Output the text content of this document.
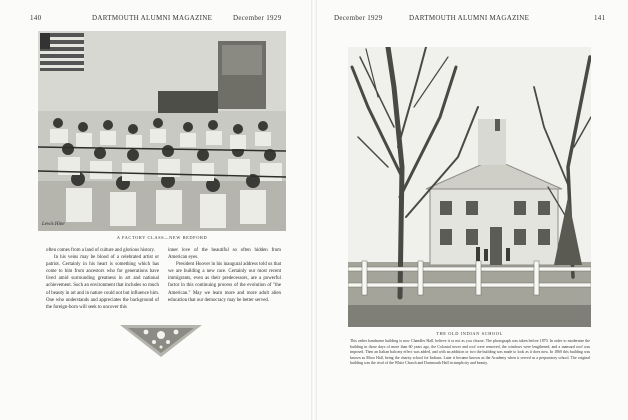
140	DARTMOUTH ALUMNI MAGAZINE	December 1929
Lewis Hine
A FACTORY CLASS—NEW BEDFORD

often comes from a land of culture and glorious history.

In his veins may be blood of a celebrated artist or patriot. Certainly in his heart is something which has come to him from ancestors who for generations have lived amid surrounding greatness in art and national achievement. Such an environment that includes so much of beauty in art and in nature could not but influence him. One who understands and appreciates the background of the foreign-born will seek to uncover this

inner love of the beautiful so often hidden from American eyes.

President Hoover in his inaugural address told us that we are building a new race. Certainly our most recent immigrants, even as their predecessors, are a powerful factor in this continuing process of the evolution of "the American." May we learn more and more adult alien education that our democracy may be better served.

December 1929	DARTMOUTH ALUMNI MAGAZINE	141
THE OLD INDIAN SCHOOL
This rather handsome building is now Chandler Hall, believe it or not as you choose. The photograph was taken before 1870. In order to modernize the building in those days of more than 60 years ago, the Colonial tower and roof were removed, the windows were lengthened, and a mansard roof was imposed. Then an Italian balcony effect was added, and with an addition or two the building was made to look as it does now. In 1860 this building was known as Moor Hall, being the charity school for Indians. Later it became known as the Academy when it served as a preparatory school. The original building was the rival of the White Church and Dartmouth Hall in simplicity and beauty.
